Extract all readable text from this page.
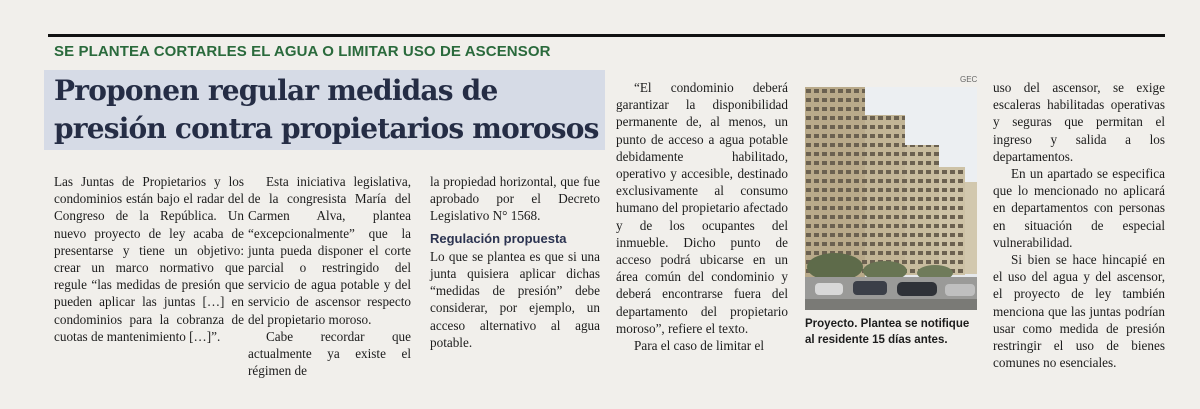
SE PLANTEA CORTARLES EL AGUA O LIMITAR USO DE ASCENSOR
Proponen regular medidas de presión contra propietarios morosos

Las Juntas de Propietarios y los condominios están bajo el radar del Congreso de la República. Un nuevo proyecto de ley acaba de presentarse y tiene un objetivo: crear un marco normativo que regule “las medidas de presión que pueden aplicar las juntas […] en condominios para la cobranza de cuotas de mantenimiento […]”.

Esta iniciativa legislativa, de la congresista María del Carmen Alva, plantea “excepcionalmente” que la junta pueda disponer el corte parcial o restringido del servicio de agua potable y del servicio de ascensor respecto del propietario moroso.

Cabe recordar que actualmente ya existe el régimen de

la propiedad horizontal, que fue aprobado por el Decreto Legislativo N° 1568.

Regulación propuesta

Lo que se plantea es que si una junta quisiera aplicar dichas “medidas de presión” debe considerar, por ejemplo, un acceso alternativo al agua potable.

“El condominio deberá garantizar la disponibilidad permanente de, al menos, un punto de acceso a agua potable debidamente habilitado, operativo y accesible, destinado exclusivamente al consumo humano del propietario afectado y de los ocupantes del inmueble. Dicho punto de acceso podrá ubicarse en un área común del condominio y deberá encontrarse fuera del departamento del propietario moroso”, refiere el texto.

Para el caso de limitar el

GEC
Proyecto. Plantea se notifique al residente 15 días antes.

uso del ascensor, se exige escaleras habilitadas operativas y seguras que permitan el ingreso y salida a los departamentos.

En un apartado se especifica que lo mencionado no aplicará en departamentos con personas en situación de especial vulnerabilidad.

Si bien se hace hincapié en el uso del agua y del ascensor, el proyecto de ley también menciona que las juntas podrían usar como medida de presión restringir el uso de bienes comunes no esenciales.
